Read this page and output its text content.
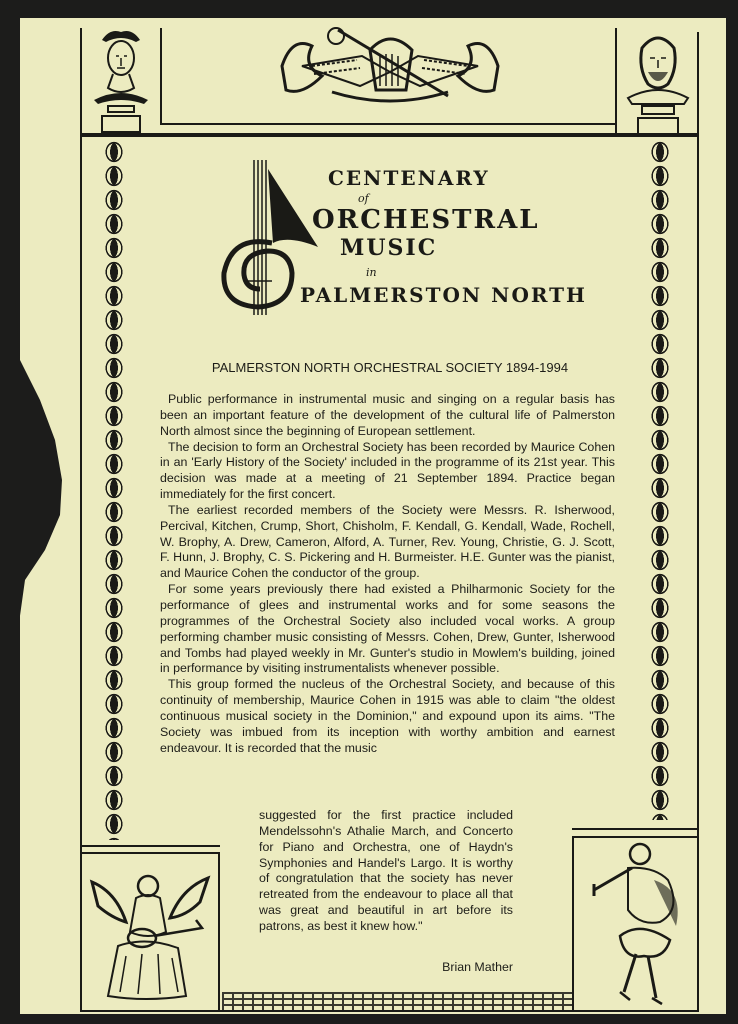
CENTENARY
of
ORCHESTRAL
MUSIC
in
PALMERSTON NORTH
PALMERSTON NORTH ORCHESTRAL SOCIETY 1894-1994

Public performance in instrumental music and singing on a regular basis has been an important feature of the development of the cultural life of Palmerston North almost since the beginning of European settlement.

The decision to form an Orchestral Society has been recorded by Maurice Cohen in an 'Early History of the Society' included in the programme of its 21st year. This decision was made at a meeting of 21 September 1894. Practice began immediately for the first concert.

The earliest recorded members of the Society were Messrs. R. Isherwood, Percival, Kitchen, Crump, Short, Chisholm, F. Kendall, G. Kendall, Wade, Rochell, W. Brophy, A. Drew, Cameron, Alford, A. Turner, Rev. Young, Christie, G. J. Scott, F. Hunn, J. Brophy, C. S. Pickering and H. Burmeister. H.E. Gunter was the pianist, and Maurice Cohen the conductor of the group.

For some years previously there had existed a Philharmonic Society for the performance of glees and instrumental works and for some seasons the programmes of the Orchestral Society also included vocal works. A group performing chamber music consisting of Messrs. Cohen, Drew, Gunter, Isherwood and Tombs had played weekly in Mr. Gunter's studio in Mowlem's building, joined in performance by visiting instrumentalists whenever possible.

This group formed the nucleus of the Orchestral Society, and because of this continuity of membership, Maurice Cohen in 1915 was able to claim "the oldest continuous musical society in the Dominion," and expound upon its aims. "The Society was imbued from its inception with worthy ambition and earnest endeavour. It is recorded that the music

suggested for the first practice included Mendelssohn's Athalie March, and Concerto for Piano and Orchestra, one of Haydn's Symphonies and Handel's Largo. It is worthy of congratulation that the society has never retreated from the endeavour to place all that was great and beautiful in art before its patrons, as best it knew how."
Brian Mather
